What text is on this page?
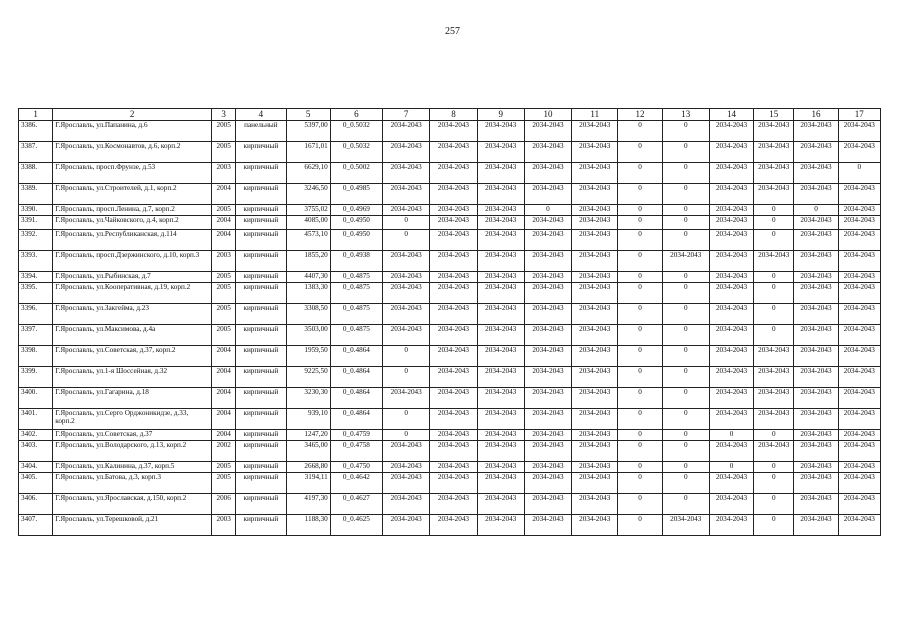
257
1	2	3	4	5	6	7	8	9	10	11	12	13	14	15	16	17
3386.	Г.Ярославль, ул.Папанина, д.6	2005	панельный	5397,00	0_0.5032	2034-2043	2034-2043	2034-2043	2034-2043	2034-2043	0	0	2034-2043	2034-2043	2034-2043	2034-2043
3387.	Г.Ярославль, ул.Космонавтов, д.6, корп.2	2005	кирпичный	1671,01	0_0.5032	2034-2043	2034-2043	2034-2043	2034-2043	2034-2043	0	0	2034-2043	2034-2043	2034-2043	2034-2043
3388.	Г.Ярославль, просп.Фрунзе, д.53	2003	кирпичный	6629,10	0_0.5002	2034-2043	2034-2043	2034-2043	2034-2043	2034-2043	0	0	2034-2043	2034-2043	2034-2043	0
3389.	Г.Ярославль, ул.Строителей, д.1, корп.2	2004	кирпичный	3246,50	0_0.4985	2034-2043	2034-2043	2034-2043	2034-2043	2034-2043	0	0	2034-2043	2034-2043	2034-2043	2034-2043
3390.	Г.Ярославль, просп.Ленина, д.7, корп.2	2005	кирпичный	3755,02	0_0.4969	2034-2043	2034-2043	2034-2043	0	2034-2043	0	0	2034-2043	0	0	2034-2043
3391.	Г.Ярославль, ул.Чайковского, д.4, корп.2	2004	кирпичный	4085,00	0_0.4950	0	2034-2043	2034-2043	2034-2043	2034-2043	0	0	2034-2043	0	2034-2043	2034-2043
3392.	Г.Ярославль, ул.Республиканская, д.114	2004	кирпичный	4573,10	0_0.4950	0	2034-2043	2034-2043	2034-2043	2034-2043	0	0	2034-2043	0	2034-2043	2034-2043
3393.	Г.Ярославль, просп.Дзержинского, д.10, корп.3	2003	кирпичный	1855,20	0_0.4938	2034-2043	2034-2043	2034-2043	2034-2043	2034-2043	0	2034-2043	2034-2043	2034-2043	2034-2043	2034-2043
3394.	Г.Ярославль, ул.Рыбинская, д.7	2005	кирпичный	4407,30	0_0.4875	2034-2043	2034-2043	2034-2043	2034-2043	2034-2043	0	0	2034-2043	0	2034-2043	2034-2043
3395.	Г.Ярославль, ул.Кооперативная, д.19, корп.2	2005	кирпичный	1383,30	0_0.4875	2034-2043	2034-2043	2034-2043	2034-2043	2034-2043	0	0	2034-2043	0	2034-2043	2034-2043
3396.	Г.Ярославль, ул.Закгейма, д.23	2005	кирпичный	3308,50	0_0.4875	2034-2043	2034-2043	2034-2043	2034-2043	2034-2043	0	0	2034-2043	0	2034-2043	2034-2043
3397.	Г.Ярославль, ул.Максимова, д.4а	2005	кирпичный	3503,00	0_0.4875	2034-2043	2034-2043	2034-2043	2034-2043	2034-2043	0	0	2034-2043	0	2034-2043	2034-2043
3398.	Г.Ярославль, ул.Советская, д.37, корп.2	2004	кирпичный	1959,50	0_0.4864	0	2034-2043	2034-2043	2034-2043	2034-2043	0	0	2034-2043	2034-2043	2034-2043	2034-2043
3399.	Г.Ярославль, ул.1-я Шоссейная, д.32	2004	кирпичный	9225,50	0_0.4864	0	2034-2043	2034-2043	2034-2043	2034-2043	0	0	2034-2043	2034-2043	2034-2043	2034-2043
3400.	Г.Ярославль, ул.Гагарина, д.18	2004	кирпичный	3230,30	0_0.4864	2034-2043	2034-2043	2034-2043	2034-2043	2034-2043	0	0	2034-2043	2034-2043	2034-2043	2034-2043
3401.	Г.Ярославль, ул.Серго Орджоникидзе, д.33, корп.2	2004	кирпичный	939,10	0_0.4864	0	2034-2043	2034-2043	2034-2043	2034-2043	0	0	2034-2043	2034-2043	2034-2043	2034-2043
3402.	Г.Ярославль, ул.Советская, д.37	2004	кирпичный	1247,20	0_0.4759	0	2034-2043	2034-2043	2034-2043	2034-2043	0	0	0	0	2034-2043	2034-2043
3403.	Г.Ярославль, ул.Володарского, д.13, корп.2	2002	кирпичный	3465,00	0_0.4758	2034-2043	2034-2043	2034-2043	2034-2043	2034-2043	0	0	2034-2043	2034-2043	2034-2043	2034-2043
3404.	Г.Ярославль, ул.Калинина, д.37, корп.5	2005	кирпичный	2668,80	0_0.4750	2034-2043	2034-2043	2034-2043	2034-2043	2034-2043	0	0	0	0	2034-2043	2034-2043
3405.	Г.Ярославль, ул.Батова, д.3, корп.3	2005	кирпичный	3194,11	0_0.4642	2034-2043	2034-2043	2034-2043	2034-2043	2034-2043	0	0	2034-2043	0	2034-2043	2034-2043
3406.	Г.Ярославль, ул.Ярославская, д.150, корп.2	2006	кирпичный	4197,30	0_0.4627	2034-2043	2034-2043	2034-2043	2034-2043	2034-2043	0	0	2034-2043	0	2034-2043	2034-2043
3407.	Г.Ярославль, ул.Терешковой, д.21	2003	кирпичный	1188,30	0_0.4625	2034-2043	2034-2043	2034-2043	2034-2043	2034-2043	0	2034-2043	2034-2043	0	2034-2043	2034-2043
